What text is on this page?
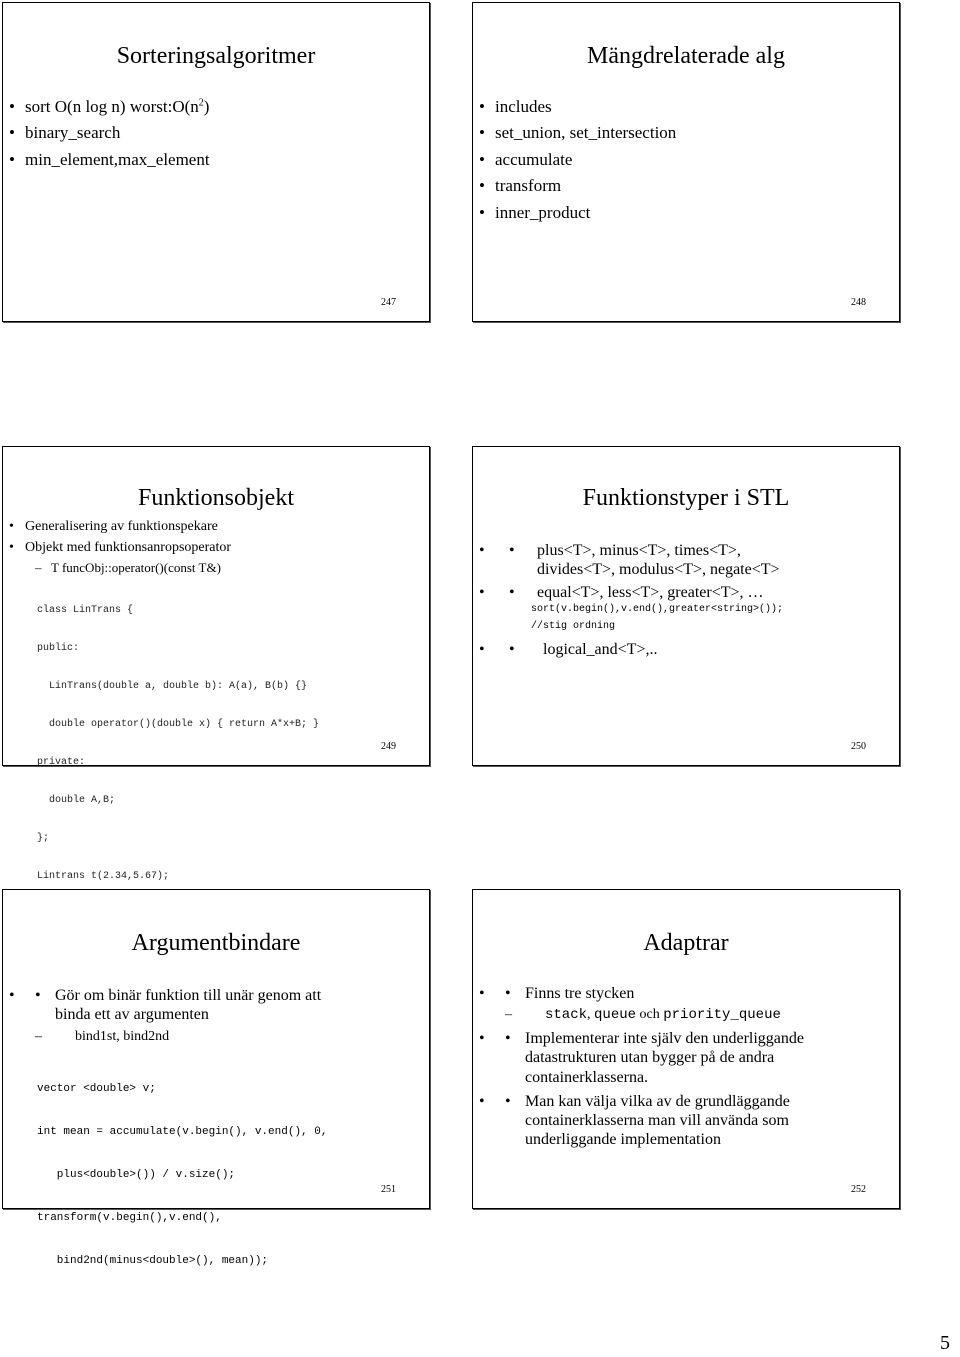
Sorteringsalgoritmer
• sort O(n log n) $worst:O(n^2)$
• binary_search
• min_element,max_element
247
Mängdrelaterade alg
• includes
• set_union, set_intersection
• accumulate
• transform
• inner_product
248
Funktionsobjekt
• Generalisering av funktionspekare
• Objekt med funktionsanropsoperator
– T funcObj::operator()(const T&)

class LinTrans {

public:

LinTrans(double a, double b): A(a), B(b) {}

double operator()(double x) { return A*x+B; }

private:

double A,B;

};

Lintrans t(2.34,5.67);

249
Funktionstyper i STL
• • plus<T>, minus<T>, times<T>,
divides<T>, modulus<T>, negate<T>
• • equal<T>, less<T>, greater<T>, …
sort(v.begin(),v.end(),greater<string>());
//stig ordning
• • logical_and<T>,..
250
Argumentbindare
• • Gör om binär funktion till unär genom att
binda ett av argumenten
– bind1st, bind2nd

vector <double> v;

int mean = accumulate(v.begin(), v.end(), 0,

plus<double>()) / v.size();

transform(v.begin(),v.end(),

bind2nd(minus<double>(), mean));

251
Adaptrar
• • Finns tre stycken
– stack, queue och priority_queue
• • Implementerar inte själv den underliggande
datastrukturen utan bygger på de andra
containerklasserna.
• • Man kan välja vilka av de grundläggande
containerklasserna man vill använda som
underliggande implementation
252
5
